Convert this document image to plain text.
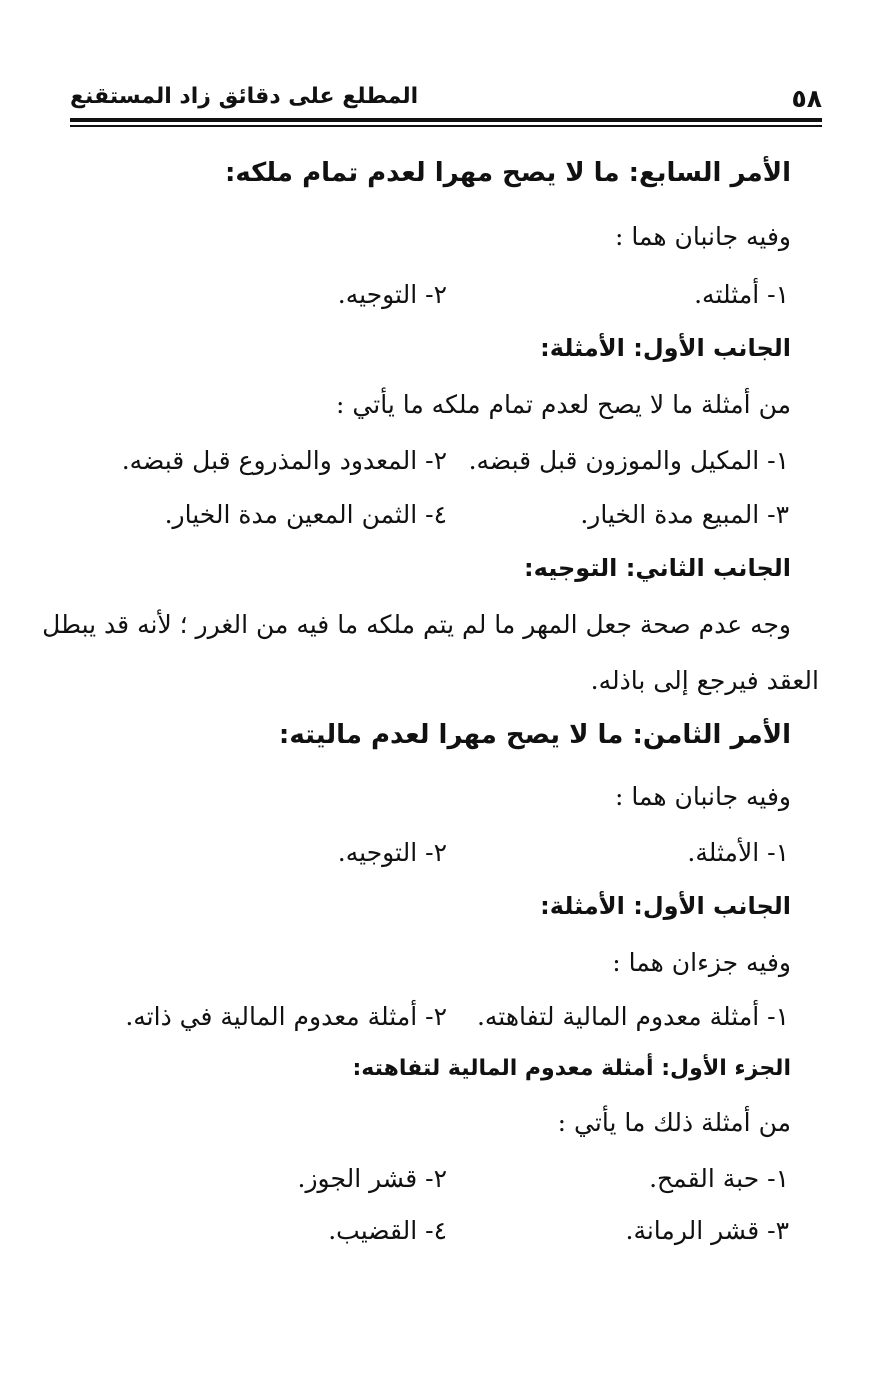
٥٨
المطلع على دقائق زاد المستقنع
الأمر السابع: ما لا يصح مهرا لعدم تمام ملكه:
وفيه جانبان هما :
١- أمثلته.
٢- التوجيه.
الجانب الأول: الأمثلة:
من أمثلة ما لا يصح لعدم تمام ملكه ما يأتي :
١- المكيل والموزون قبل قبضه.
٢- المعدود والمذروع قبل قبضه.
٣- المبيع مدة الخيار.
٤- الثمن المعين مدة الخيار.
الجانب الثاني: التوجيه:
وجه عدم صحة جعل المهر ما لم يتم ملكه ما فيه من الغرر ؛ لأنه قد يبطل
العقد فيرجع إلى باذله.
الأمر الثامن: ما لا يصح مهرا لعدم ماليته:
وفيه جانبان هما :
١- الأمثلة.
٢- التوجيه.
الجانب الأول: الأمثلة:
وفيه جزءان هما :
١- أمثلة معدوم المالية لتفاهته.
٢- أمثلة معدوم المالية في ذاته.
الجزء الأول: أمثلة معدوم المالية لتفاهته:
من أمثلة ذلك ما يأتي :
١- حبة القمح.
٢- قشر الجوز.
٣- قشر الرمانة.
٤- القضيب.
